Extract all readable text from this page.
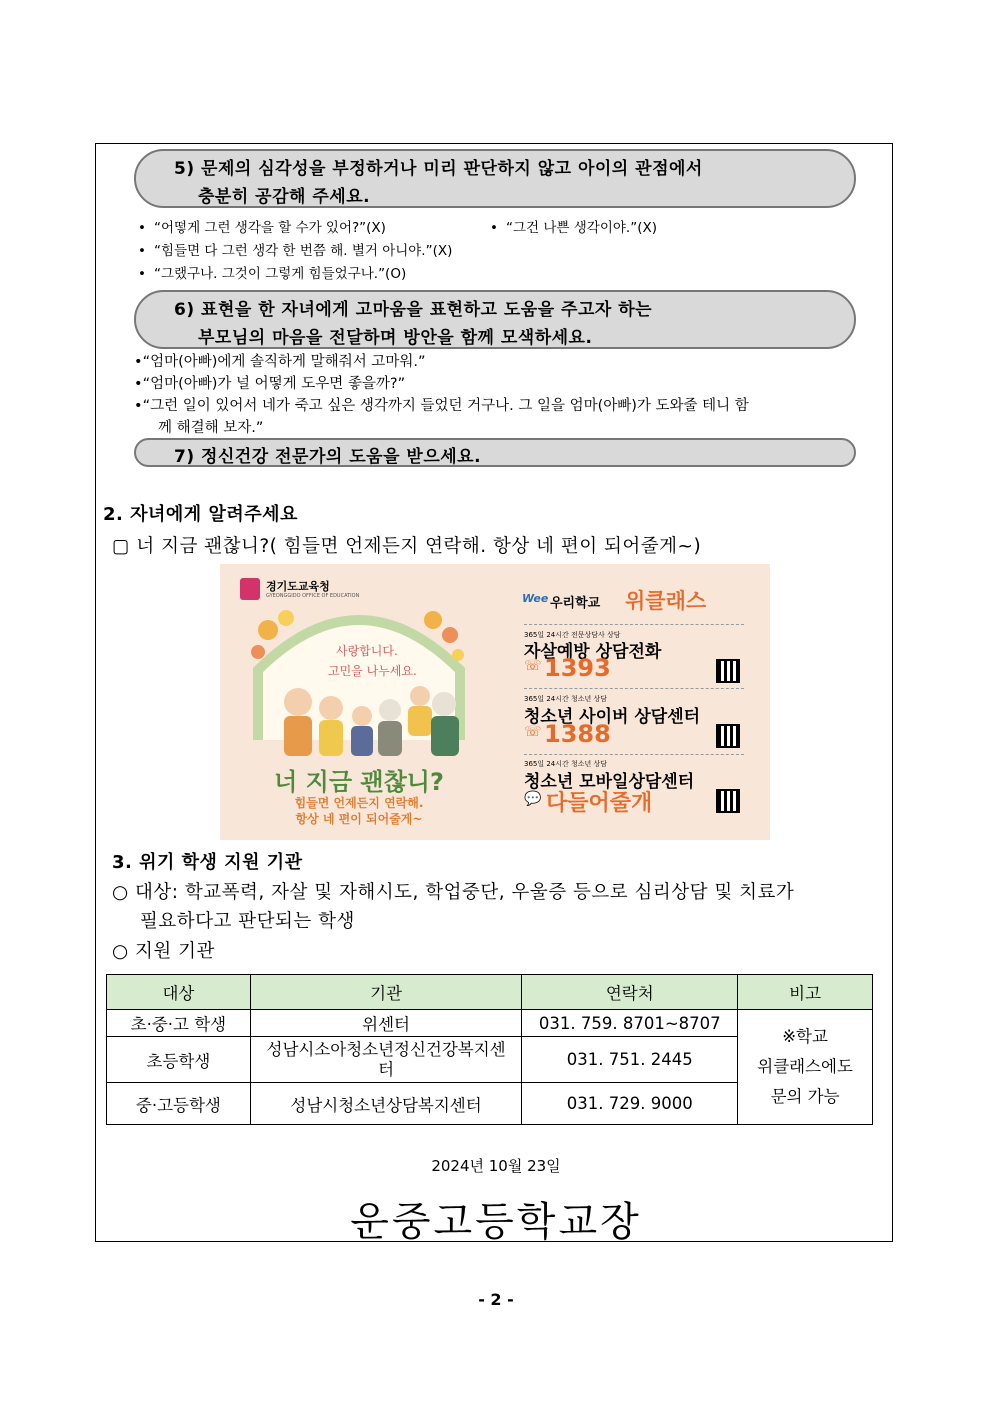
5) 문제의 심각성을 부정하거나 미리 판단하지 않고 아이의 관점에서
충분히 공감해 주세요.
• “어떻게 그런 생각을 할 수가 있어?”(X)	• “그건 나쁜 생각이야.”(X)
• “힘들면 다 그런 생각 한 번쯤 해. 별거 아니야.”(X)
• “그랬구나. 그것이 그렇게 힘들었구나.”(O)
6) 표현을 한 자녀에게 고마움을 표현하고 도움을 주고자 하는
부모님의 마음을 전달하며 방안을 함께 모색하세요.
•“엄마(아빠)에게 솔직하게 말해줘서 고마워.”
•“엄마(아빠)가 널 어떻게 도우면 좋을까?”
•“그런 일이 있어서 네가 죽고 싶은 생각까지 들었던 거구나. 그 일을 엄마(아빠)가 도와줄 테니 함
께 해결해 보자.”
7) 정신건강 전문가의 도움을 받으세요.
2. 자녀에게 알려주세요
▢ 너 지금 괜찮니?( 힘들면 언제든지 연락해. 항상 네 편이 되어줄게~)
경기도교육청
GYEONGGIDO OFFICE OF EDUCATION
사랑합니다.
고민을 나누세요.
너 지금 괜찮니?
힘들면 언제든지 연락해.
항상 네 편이 되어줄게~
Wee 우리학교 위클래스
365일 24시간 전문상담사 상담
자살예방 상담전화
☏ 1393
365일 24시간 청소년 상담
청소년 사이버 상담센터
☏ 1388
365일 24시간 청소년 상담
청소년 모바일상담센터
💬 다들어줄개
3. 위기 학생 지원 기관
○ 대상: 학교폭력, 자살 및 자해시도, 학업중단, 우울증 등으로 심리상담 및 치료가
필요하다고 판단되는 학생
○ 지원 기관
대상	기관	연락처	비고
초·중·고 학생	위센터	031. 759. 8701~8707	※학교
위클래스에도
문의 가능

초등학생	성남시소아청소년정신건강복지센
터	031. 751. 2445	
중·고등학생	성남시청소년상담복지센터	031. 729. 9000	
2024년 10월 23일
운중고등학교장
- 2 -
